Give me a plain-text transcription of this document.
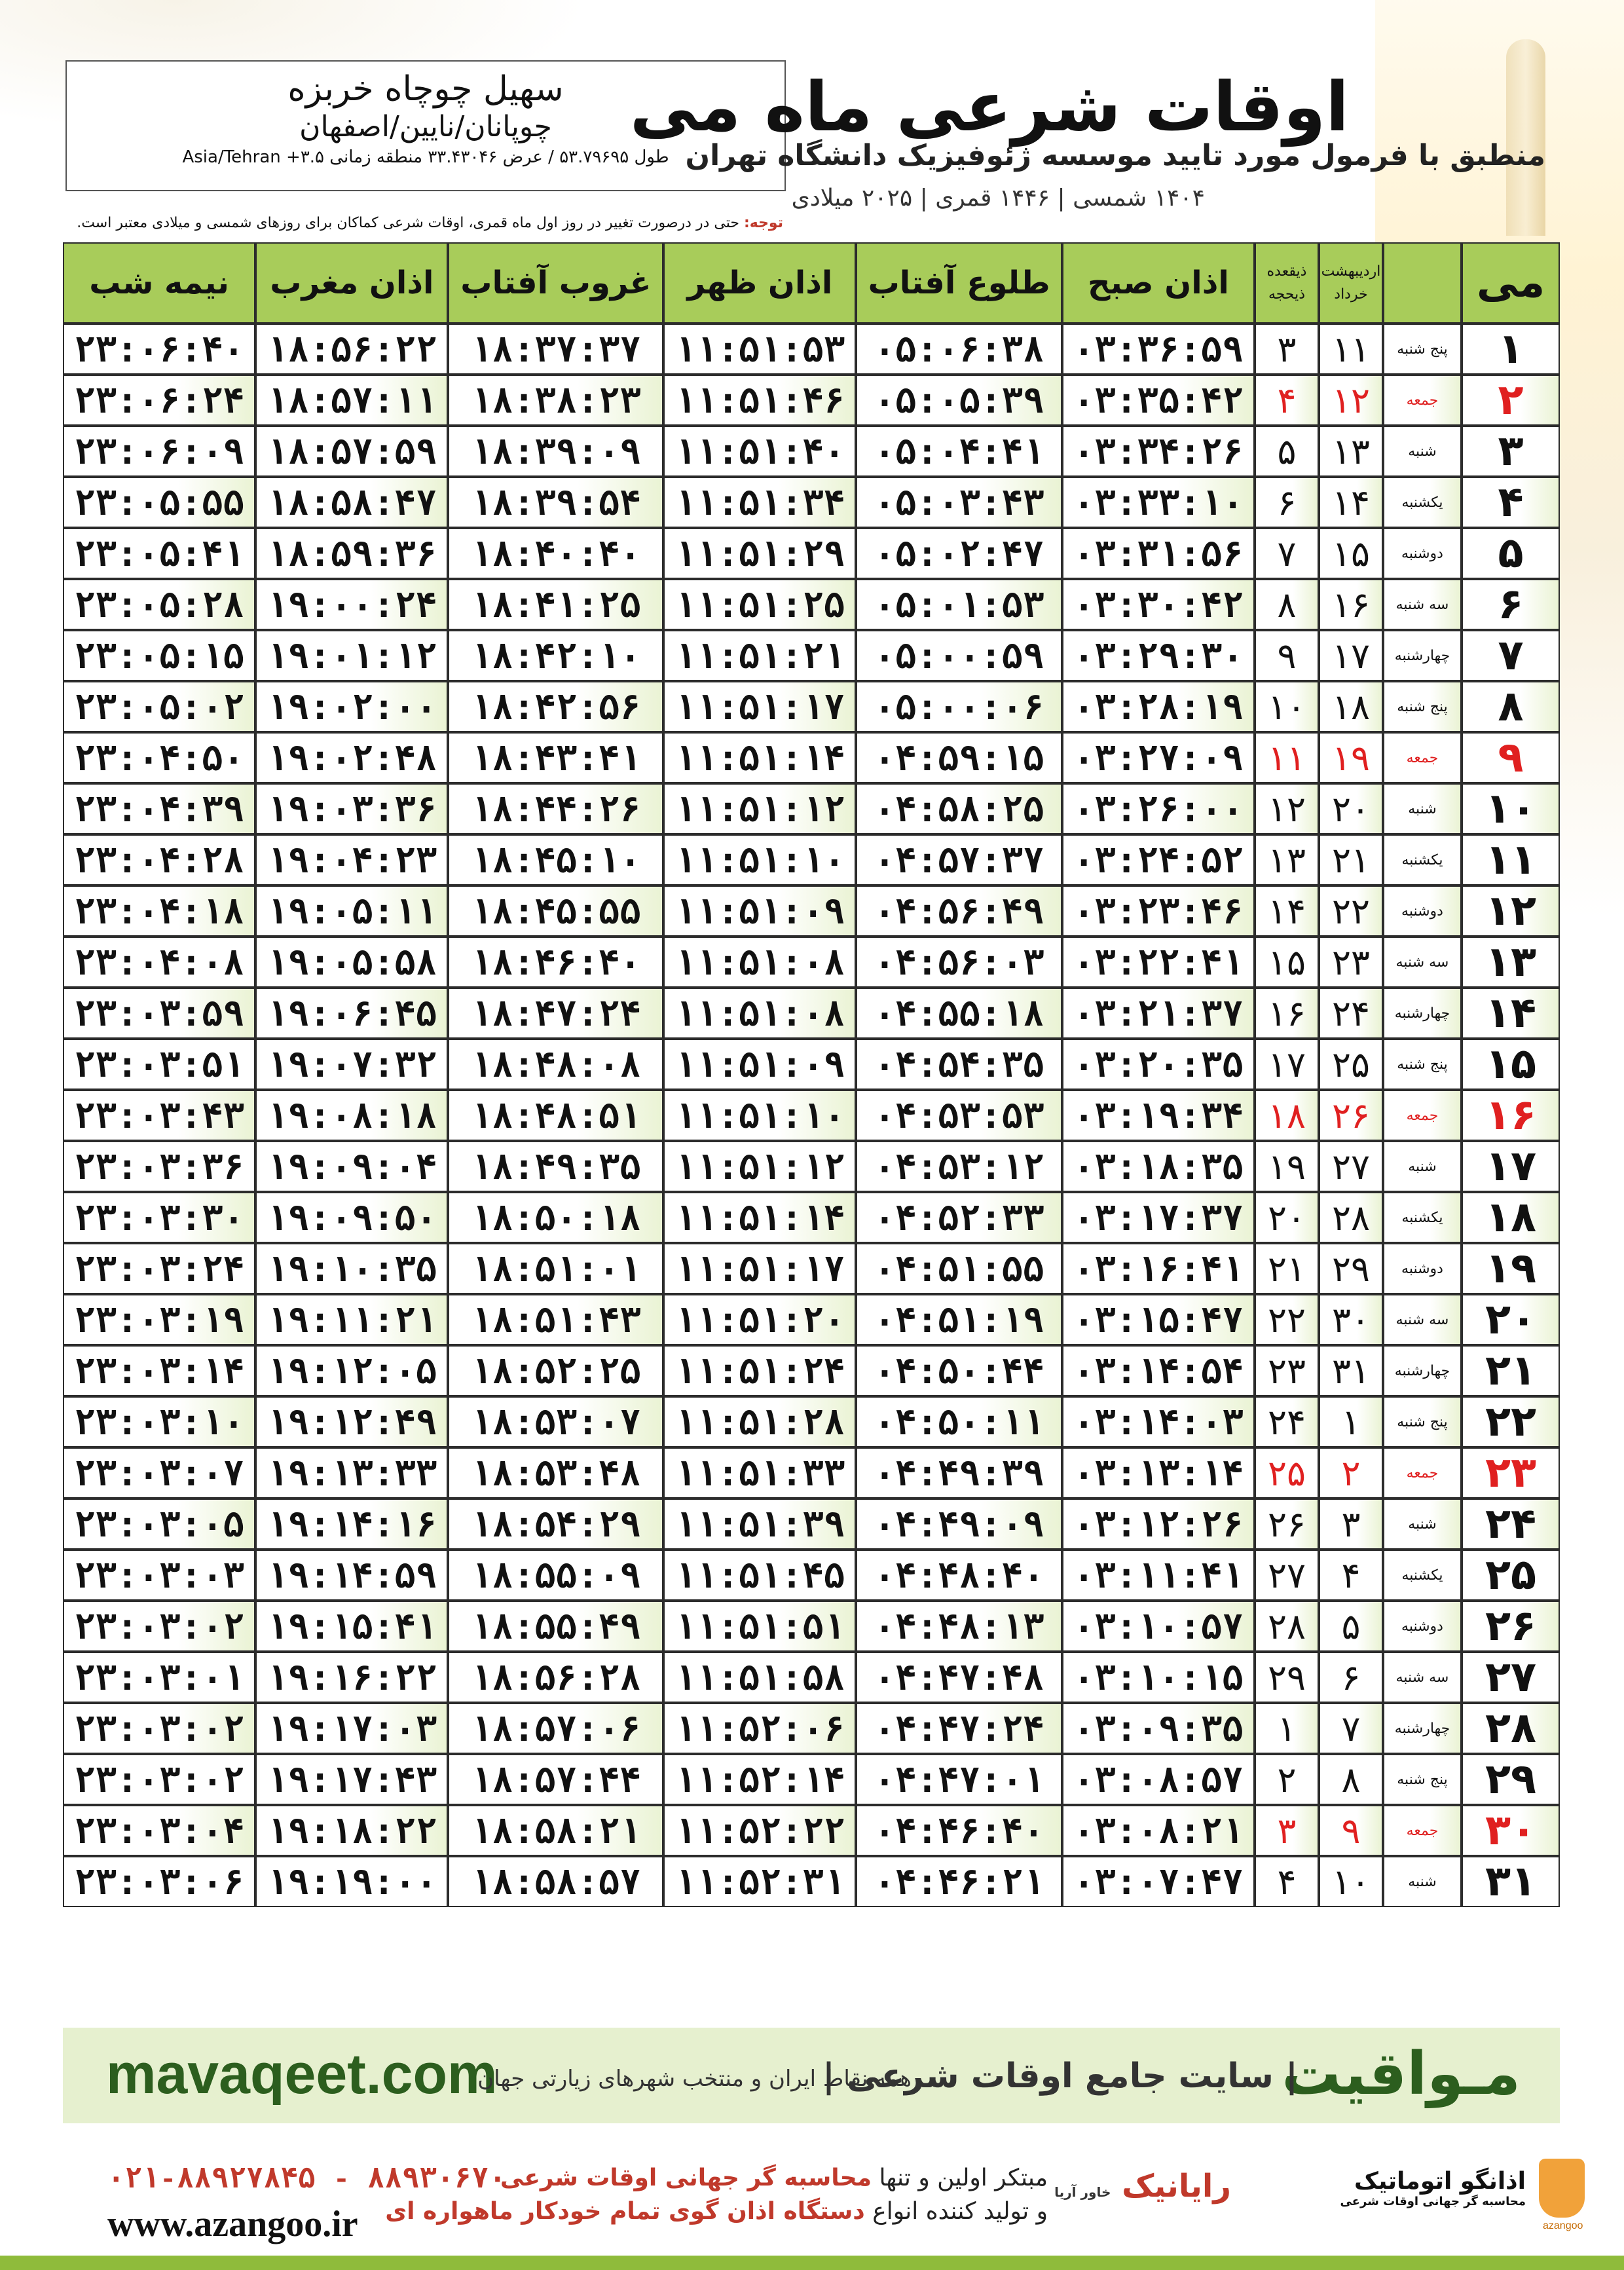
سهیل چوچاه خربزه
چوپانان/نایین/اصفهان
طول ۵۳.۷۹۶۹۵ / عرض ۳۳.۴۳۰۴۶ منطقه زمانی ۳.۵+ Asia/Tehran
اوقات شرعی ماه می
منطبق با فرمول مورد تایید موسسه ژئوفیزیک دانشگاه تهران
۱۴۰۴ شمسی | ۱۴۴۶ قمری | ۲۰۲۵ میلادی
توجه: حتی در درصورت تغییر در روز اول ماه قمری، اوقات شرعی کماکان برای روزهای شمسی و میلادی معتبر است.
می		اردیبهشت خرداد	ذیقعده ذیحجه	اذان صبح	طلوع آفتاب	اذان ظهر	غروب آفتاب	اذان مغرب	نیمه شب
۱	پنج شنبه	۱۱	۳	۰۳:۳۶:۵۹	۰۵:۰۶:۳۸	۱۱:۵۱:۵۳	۱۸:۳۷:۳۷	۱۸:۵۶:۲۲	۲۳:۰۶:۴۰
۲	جمعه	۱۲	۴	۰۳:۳۵:۴۲	۰۵:۰۵:۳۹	۱۱:۵۱:۴۶	۱۸:۳۸:۲۳	۱۸:۵۷:۱۱	۲۳:۰۶:۲۴
۳	شنبه	۱۳	۵	۰۳:۳۴:۲۶	۰۵:۰۴:۴۱	۱۱:۵۱:۴۰	۱۸:۳۹:۰۹	۱۸:۵۷:۵۹	۲۳:۰۶:۰۹
۴	یکشنبه	۱۴	۶	۰۳:۳۳:۱۰	۰۵:۰۳:۴۳	۱۱:۵۱:۳۴	۱۸:۳۹:۵۴	۱۸:۵۸:۴۷	۲۳:۰۵:۵۵
۵	دوشنبه	۱۵	۷	۰۳:۳۱:۵۶	۰۵:۰۲:۴۷	۱۱:۵۱:۲۹	۱۸:۴۰:۴۰	۱۸:۵۹:۳۶	۲۳:۰۵:۴۱
۶	سه شنبه	۱۶	۸	۰۳:۳۰:۴۲	۰۵:۰۱:۵۳	۱۱:۵۱:۲۵	۱۸:۴۱:۲۵	۱۹:۰۰:۲۴	۲۳:۰۵:۲۸
۷	چهارشنبه	۱۷	۹	۰۳:۲۹:۳۰	۰۵:۰۰:۵۹	۱۱:۵۱:۲۱	۱۸:۴۲:۱۰	۱۹:۰۱:۱۲	۲۳:۰۵:۱۵
۸	پنج شنبه	۱۸	۱۰	۰۳:۲۸:۱۹	۰۵:۰۰:۰۶	۱۱:۵۱:۱۷	۱۸:۴۲:۵۶	۱۹:۰۲:۰۰	۲۳:۰۵:۰۲
۹	جمعه	۱۹	۱۱	۰۳:۲۷:۰۹	۰۴:۵۹:۱۵	۱۱:۵۱:۱۴	۱۸:۴۳:۴۱	۱۹:۰۲:۴۸	۲۳:۰۴:۵۰
۱۰	شنبه	۲۰	۱۲	۰۳:۲۶:۰۰	۰۴:۵۸:۲۵	۱۱:۵۱:۱۲	۱۸:۴۴:۲۶	۱۹:۰۳:۳۶	۲۳:۰۴:۳۹
۱۱	یکشنبه	۲۱	۱۳	۰۳:۲۴:۵۲	۰۴:۵۷:۳۷	۱۱:۵۱:۱۰	۱۸:۴۵:۱۰	۱۹:۰۴:۲۳	۲۳:۰۴:۲۸
۱۲	دوشنبه	۲۲	۱۴	۰۳:۲۳:۴۶	۰۴:۵۶:۴۹	۱۱:۵۱:۰۹	۱۸:۴۵:۵۵	۱۹:۰۵:۱۱	۲۳:۰۴:۱۸
۱۳	سه شنبه	۲۳	۱۵	۰۳:۲۲:۴۱	۰۴:۵۶:۰۳	۱۱:۵۱:۰۸	۱۸:۴۶:۴۰	۱۹:۰۵:۵۸	۲۳:۰۴:۰۸
۱۴	چهارشنبه	۲۴	۱۶	۰۳:۲۱:۳۷	۰۴:۵۵:۱۸	۱۱:۵۱:۰۸	۱۸:۴۷:۲۴	۱۹:۰۶:۴۵	۲۳:۰۳:۵۹
۱۵	پنج شنبه	۲۵	۱۷	۰۳:۲۰:۳۵	۰۴:۵۴:۳۵	۱۱:۵۱:۰۹	۱۸:۴۸:۰۸	۱۹:۰۷:۳۲	۲۳:۰۳:۵۱
۱۶	جمعه	۲۶	۱۸	۰۳:۱۹:۳۴	۰۴:۵۳:۵۳	۱۱:۵۱:۱۰	۱۸:۴۸:۵۱	۱۹:۰۸:۱۸	۲۳:۰۳:۴۳
۱۷	شنبه	۲۷	۱۹	۰۳:۱۸:۳۵	۰۴:۵۳:۱۲	۱۱:۵۱:۱۲	۱۸:۴۹:۳۵	۱۹:۰۹:۰۴	۲۳:۰۳:۳۶
۱۸	یکشنبه	۲۸	۲۰	۰۳:۱۷:۳۷	۰۴:۵۲:۳۳	۱۱:۵۱:۱۴	۱۸:۵۰:۱۸	۱۹:۰۹:۵۰	۲۳:۰۳:۳۰
۱۹	دوشنبه	۲۹	۲۱	۰۳:۱۶:۴۱	۰۴:۵۱:۵۵	۱۱:۵۱:۱۷	۱۸:۵۱:۰۱	۱۹:۱۰:۳۵	۲۳:۰۳:۲۴
۲۰	سه شنبه	۳۰	۲۲	۰۳:۱۵:۴۷	۰۴:۵۱:۱۹	۱۱:۵۱:۲۰	۱۸:۵۱:۴۳	۱۹:۱۱:۲۱	۲۳:۰۳:۱۹
۲۱	چهارشنبه	۳۱	۲۳	۰۳:۱۴:۵۴	۰۴:۵۰:۴۴	۱۱:۵۱:۲۴	۱۸:۵۲:۲۵	۱۹:۱۲:۰۵	۲۳:۰۳:۱۴
۲۲	پنج شنبه	۱	۲۴	۰۳:۱۴:۰۳	۰۴:۵۰:۱۱	۱۱:۵۱:۲۸	۱۸:۵۳:۰۷	۱۹:۱۲:۴۹	۲۳:۰۳:۱۰
۲۳	جمعه	۲	۲۵	۰۳:۱۳:۱۴	۰۴:۴۹:۳۹	۱۱:۵۱:۳۳	۱۸:۵۳:۴۸	۱۹:۱۳:۳۳	۲۳:۰۳:۰۷
۲۴	شنبه	۳	۲۶	۰۳:۱۲:۲۶	۰۴:۴۹:۰۹	۱۱:۵۱:۳۹	۱۸:۵۴:۲۹	۱۹:۱۴:۱۶	۲۳:۰۳:۰۵
۲۵	یکشنبه	۴	۲۷	۰۳:۱۱:۴۱	۰۴:۴۸:۴۰	۱۱:۵۱:۴۵	۱۸:۵۵:۰۹	۱۹:۱۴:۵۹	۲۳:۰۳:۰۳
۲۶	دوشنبه	۵	۲۸	۰۳:۱۰:۵۷	۰۴:۴۸:۱۳	۱۱:۵۱:۵۱	۱۸:۵۵:۴۹	۱۹:۱۵:۴۱	۲۳:۰۳:۰۲
۲۷	سه شنبه	۶	۲۹	۰۳:۱۰:۱۵	۰۴:۴۷:۴۸	۱۱:۵۱:۵۸	۱۸:۵۶:۲۸	۱۹:۱۶:۲۲	۲۳:۰۳:۰۱
۲۸	چهارشنبه	۷	۱	۰۳:۰۹:۳۵	۰۴:۴۷:۲۴	۱۱:۵۲:۰۶	۱۸:۵۷:۰۶	۱۹:۱۷:۰۳	۲۳:۰۳:۰۲
۲۹	پنج شنبه	۸	۲	۰۳:۰۸:۵۷	۰۴:۴۷:۰۱	۱۱:۵۲:۱۴	۱۸:۵۷:۴۴	۱۹:۱۷:۴۳	۲۳:۰۳:۰۲
۳۰	جمعه	۹	۳	۰۳:۰۸:۲۱	۰۴:۴۶:۴۰	۱۱:۵۲:۲۲	۱۸:۵۸:۲۱	۱۹:۱۸:۲۲	۲۳:۰۳:۰۴
۳۱	شنبه	۱۰	۴	۰۳:۰۷:۴۷	۰۴:۴۶:۲۱	۱۱:۵۲:۳۱	۱۸:۵۸:۵۷	۱۹:۱۹:۰۰	۲۳:۰۳:۰۶
mavaqeet.com	مـواقیت
| سایت جامع اوقات شرعی |
همه نقاط ایران و منتخب شهرهای زیارتی جهان
۰۲۱-۸۸۹۲۷۸۴۵ - ۸۸۹۳۰۶۷۰
www.azangoo.ir
مبتکر اولین و تنها محاسبه گر جهانی اوقات شرعی
و تولید کننده انواع دستگاه اذان گوی تمام خودکار ماهواره ای
رایانیک خاور آریا	اذانگو اتوماتیک
محاسبه گر جهانی اوقات شرعی
azangoo
